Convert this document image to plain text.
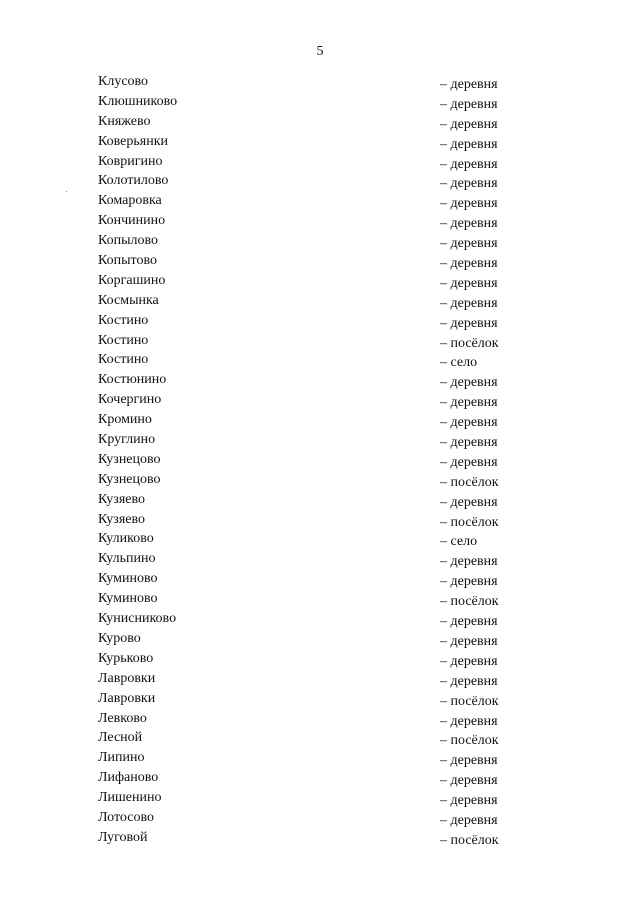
5
Клусово	– деревня
Клюшниково	– деревня
Княжево	– деревня
Коверьянки	– деревня
Ковригино	– деревня
Колотилово	– деревня
Комаровка	– деревня
Кончинино	– деревня
Копылово	– деревня
Копытово	– деревня
Коргашино	– деревня
Космынка	– деревня
Костино	– деревня
Костино	– посёлок
Костино	– село
Костюнино	– деревня
Кочергино	– деревня
Кромино	– деревня
Круглино	– деревня
Кузнецово	– деревня
Кузнецово	– посёлок
Кузяево	– деревня
Кузяево	– посёлок
Куликово	– село
Кульпино	– деревня
Куминово	– деревня
Куминово	– посёлок
Кунисниково	– деревня
Курово	– деревня
Курьково	– деревня
Лавровки	– деревня
Лавровки	– посёлок
Левково	– деревня
Лесной	– посёлок
Липино	– деревня
Лифаново	– деревня
Лишенино	– деревня
Лотосово	– деревня
Луговой	– посёлок
